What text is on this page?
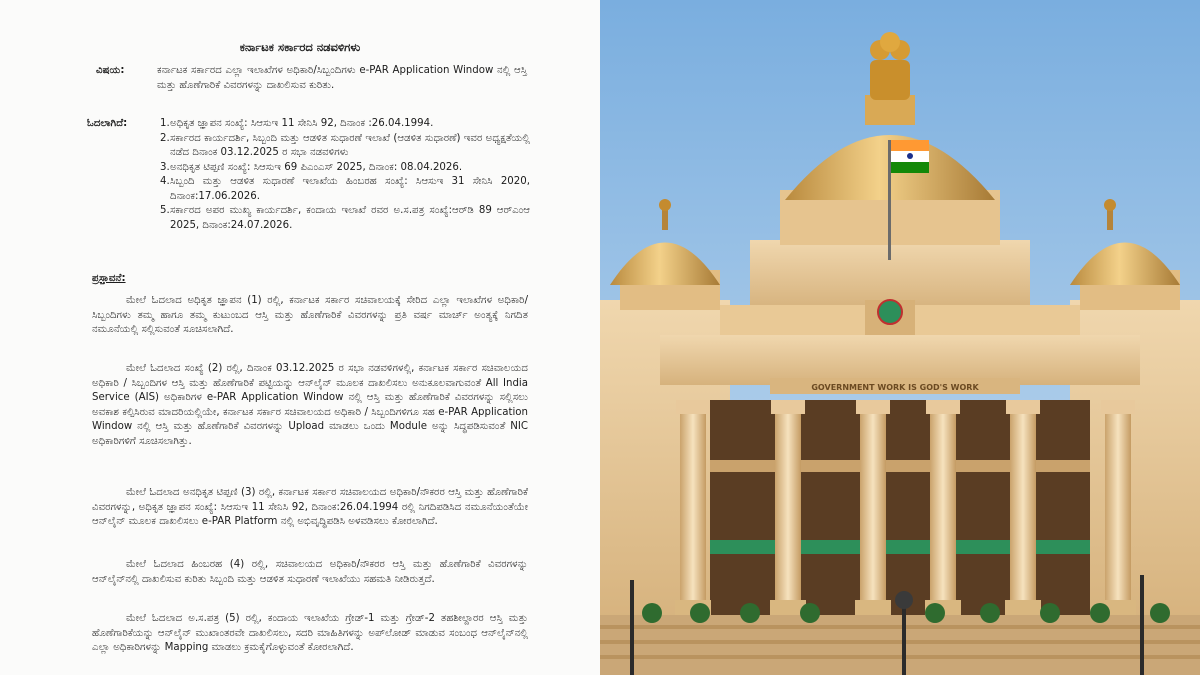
ಕರ್ನಾಟಕ ಸರ್ಕಾರದ ನಡವಳಿಗಳು
ವಿಷಯ:	ಕರ್ನಾಟಕ ಸರ್ಕಾರದ ಎಲ್ಲಾ ಇಲಾಖೆಗಳ ಅಧಿಕಾರಿ/ಸಿಬ್ಬಂದಿಗಳು e-PAR Application Window ನಲ್ಲಿ ಆಸ್ತಿ ಮತ್ತು ಹೊಣೆಗಾರಿಕೆ ವಿವರಗಳನ್ನು ದಾಖಲಿಸುವ ಕುರಿತು.
ಓದಲಾಗಿದೆ:	1. ಅಧಿಕೃತ ಜ್ಞಾಪನ ಸಂಖ್ಯೆ: ಸಿಆಸುಇ 11 ಸೇನಿಸಿ 92, ದಿನಾಂಕ :26.04.1994.
2. ಸರ್ಕಾರದ ಕಾರ್ಯದರ್ಶಿ, ಸಿಬ್ಬಂದಿ ಮತ್ತು ಆಡಳಿತ ಸುಧಾರಣೆ ಇಲಾಖೆ (ಆಡಳಿತ ಸುಧಾರಣೆ) ಇವರ ಅಧ್ಯಕ್ಷತೆಯಲ್ಲಿ ನಡೆದ ದಿನಾಂಕ 03.12.2025 ರ ಸಭಾ ನಡವಳಿಗಳು
3. ಅನಧಿಕೃತ ಟಿಪ್ಪಣಿ ಸಂಖ್ಯೆ: ಸಿಆಸುಇ 69 ಪಿಎಂಎಸ್ 2025, ದಿನಾಂಕ: 08.04.2026.
4. ಸಿಬ್ಬಂದಿ ಮತ್ತು ಆಡಳಿತ ಸುಧಾರಣೆ ಇಲಾಖೆಯ ಹಿಂಬರಹ ಸಂಖ್ಯೆ: ಸಿಆಸುಇ 31 ಸೇನಿಸಿ 2020, ದಿನಾಂಕ:17.06.2026.
5. ಸರ್ಕಾರದ ಅಪರ ಮುಖ್ಯ ಕಾರ್ಯದರ್ಶಿ, ಕಂದಾಯ ಇಲಾಖೆ ರವರ ಅ.ಸ.ಪತ್ರ ಸಂಖ್ಯೆ:ಆರ್‌ಡಿ 89 ಆರ್‌ಎಂಆ 2025, ದಿನಾಂಕ:24.07.2026.
ಪ್ರಸ್ತಾವನೆ:

ಮೇಲೆ ಓದಲಾದ ಅಧಿಕೃತ ಜ್ಞಾಪನ (1) ರಲ್ಲಿ, ಕರ್ನಾಟಕ ಸರ್ಕಾರ ಸಚಿವಾಲಯಕ್ಕೆ ಸೇರಿದ ಎಲ್ಲಾ ಇಲಾಖೆಗಳ ಅಧಿಕಾರಿ/ಸಿಬ್ಬಂದಿಗಳು ತಮ್ಮ ಹಾಗೂ ತಮ್ಮ ಕುಟುಂಬದ ಆಸ್ತಿ ಮತ್ತು ಹೊಣೆಗಾರಿಕೆ ವಿವರಗಳನ್ನು ಪ್ರತಿ ವರ್ಷ ಮಾರ್ಚ್ ಅಂತ್ಯಕ್ಕೆ ನಿಗದಿತ ನಮೂನೆಯಲ್ಲಿ ಸಲ್ಲಿಸುವಂತೆ ಸೂಚಿಸಲಾಗಿದೆ.

ಮೇಲೆ ಓದಲಾದ ಸಂಖ್ಯೆ (2) ರಲ್ಲಿ, ದಿನಾಂಕ 03.12.2025 ರ ಸಭಾ ನಡವಳಿಗಳಲ್ಲಿ, ಕರ್ನಾಟಕ ಸರ್ಕಾರ ಸಚಿವಾಲಯದ ಅಧಿಕಾರಿ / ಸಿಬ್ಬಂದಿಗಳ ಆಸ್ತಿ ಮತ್ತು ಹೊಣೆಗಾರಿಕೆ ಪಟ್ಟಿಯನ್ನು ಆನ್‌ಲೈನ್ ಮೂಲಕ ದಾಖಲಿಸಲು ಅನುಕೂಲವಾಗುವಂತೆ All India Service (AIS) ಅಧಿಕಾರಿಗಳ e-PAR Application Window ನಲ್ಲಿ ಆಸ್ತಿ ಮತ್ತು ಹೊಣೆಗಾರಿಕೆ ವಿವರಗಳನ್ನು ಸಲ್ಲಿಸಲು ಅವಕಾಶ ಕಲ್ಪಿಸಿರುವ ಮಾದರಿಯಲ್ಲಿಯೇ, ಕರ್ನಾಟಕ ಸರ್ಕಾರ ಸಚಿವಾಲಯದ ಅಧಿಕಾರಿ / ಸಿಬ್ಬಂದಿಗಳಿಗೂ ಸಹ e-PAR Application Window ನಲ್ಲಿ ಆಸ್ತಿ ಮತ್ತು ಹೊಣೆಗಾರಿಕೆ ವಿವರಗಳನ್ನು Upload ಮಾಡಲು ಒಂದು Module ಅನ್ನು ಸಿದ್ಧಪಡಿಸುವಂತೆ NIC ಅಧಿಕಾರಿಗಳಿಗೆ ಸೂಚಿಸಲಾಗಿತ್ತು.

ಮೇಲೆ ಓದಲಾದ ಅನಧಿಕೃತ ಟಿಪ್ಪಣಿ (3) ರಲ್ಲಿ, ಕರ್ನಾಟಕ ಸರ್ಕಾರ ಸಚಿವಾಲಯದ ಅಧಿಕಾರಿ/ನೌಕರರ ಆಸ್ತಿ ಮತ್ತು ಹೊಣೆಗಾರಿಕೆ ವಿವರಗಳನ್ನು, ಅಧಿಕೃತ ಜ್ಞಾಪನ ಸಂಖ್ಯೆ: ಸಿಆಸುಇ 11 ಸೇನಿಸಿ 92, ದಿನಾಂಕ:26.04.1994 ರಲ್ಲಿ ನಿಗದಿಪಡಿಸಿದ ನಮೂನೆಯಂತೆಯೇ ಆನ್‌ಲೈನ್ ಮೂಲಕ ದಾಖಲಿಸಲು e-PAR Platform ನಲ್ಲಿ ಅಭಿವೃದ್ಧಿಪಡಿಸಿ ಅಳವಡಿಸಲು ಕೋರಲಾಗಿದೆ.

ಮೇಲೆ ಓದಲಾದ ಹಿಂಬರಹ (4) ರಲ್ಲಿ, ಸಚಿವಾಲಯದ ಅಧಿಕಾರಿ/ನೌಕರರ ಆಸ್ತಿ ಮತ್ತು ಹೊಣೆಗಾರಿಕೆ ವಿವರಗಳನ್ನು ಆನ್‌ಲೈನ್‌ನಲ್ಲಿ ದಾಖಲಿಸುವ ಕುರಿತು ಸಿಬ್ಬಂದಿ ಮತ್ತು ಆಡಳಿತ ಸುಧಾರಣೆ ಇಲಾಖೆಯು ಸಹಮತಿ ನೀಡಿರುತ್ತದೆ.

ಮೇಲೆ ಓದಲಾದ ಅ.ಸ.ಪತ್ರ (5) ರಲ್ಲಿ, ಕಂದಾಯ ಇಲಾಖೆಯ ಗ್ರೇಡ್-1 ಮತ್ತು ಗ್ರೇಡ್-2 ತಹಶೀಲ್ದಾರರ ಆಸ್ತಿ ಮತ್ತು ಹೊಣೆಗಾರಿಕೆಯನ್ನು ಆನ್‌ಲೈನ್ ಮುಖಾಂತರವೇ ದಾಖಲಿಸಲು, ಸದರಿ ಮಾಹಿತಿಗಳನ್ನು ಅಪ್‌ಲೋಡ್ ಮಾಡುವ ಸಂಬಂಧ ಆನ್‌ಲೈನ್‌ನಲ್ಲಿ ಎಲ್ಲಾ ಅಧಿಕಾರಿಗಳನ್ನು Mapping ಮಾಡಲು ಕ್ರಮಕೈಗೊಳ್ಳುವಂತೆ ಕೋರಲಾಗಿದೆ.

GOVERNMENT WORK IS GOD'S WORK
